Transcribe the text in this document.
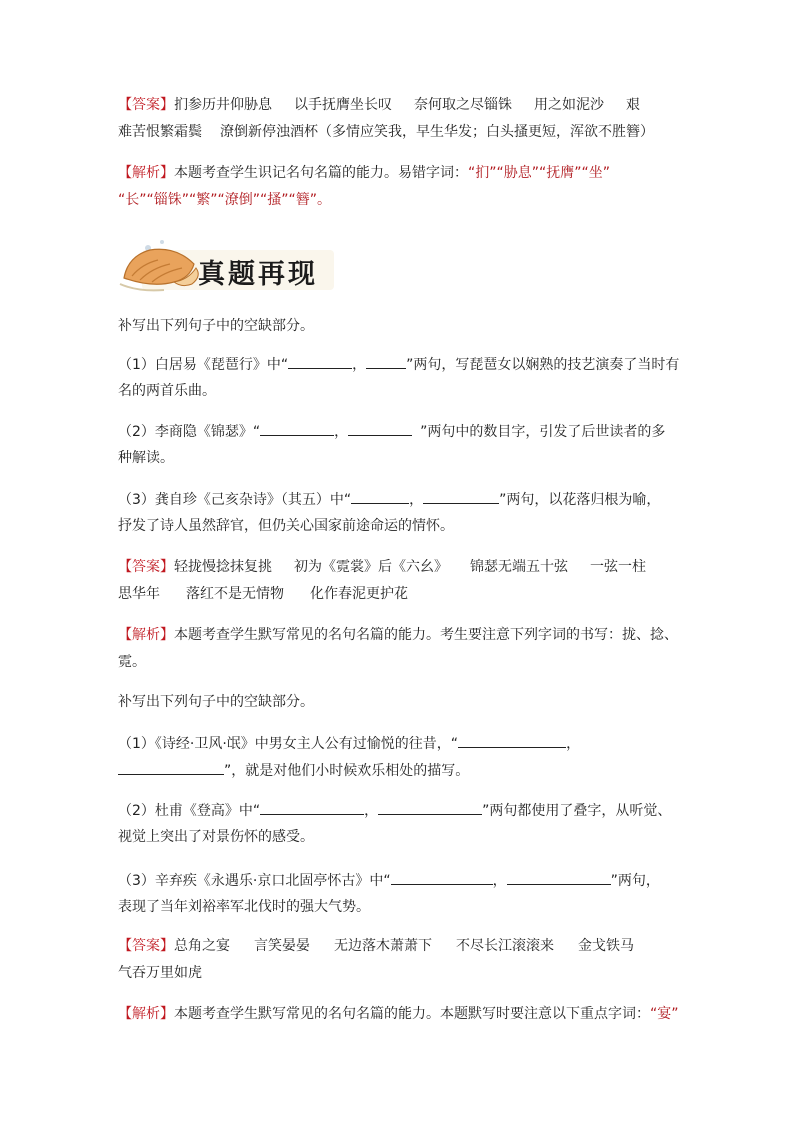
【答案】扪参历井仰胁息 以手抚膺坐长叹 奈何取之尽锱铢 用之如泥沙 艰
难苦恨繁霜鬓 潦倒新停浊酒杯（多情应笑我，早生华发；白头搔更短，浑欲不胜簪）
【解析】本题考查学生识记名句名篇的能力。易错字词：“扪”“胁息”“抚膺”“坐”
“长”“锱铢”“繁”“潦倒”“搔”“簪”。
真题再现
补写出下列句子中的空缺部分。
（1）白居易《琵琶行》中“	，	”两句，写琵琶女以娴熟的技艺演奏了当时有
名的两首乐曲。
（2）李商隐《锦瑟》“	，	”两句中的数目字，引发了后世读者的多
种解读。
（3）龚自珍《己亥杂诗》（其五）中“	，	”两句，以花落归根为喻，
抒发了诗人虽然辞官，但仍关心国家前途命运的情怀。
【答案】轻拢慢捻抹复挑 初为《霓裳》后《六幺》 锦瑟无端五十弦 一弦一柱
思华年 落红不是无情物 化作春泥更护花
【解析】本题考查学生默写常见的名句名篇的能力。考生要注意下列字词的书写：拢、捻、
霓。
补写出下列句子中的空缺部分。
（1）《诗经·卫风·氓》中男女主人公有过愉悦的往昔，“	，
”，就是对他们小时候欢乐相处的描写。
（2）杜甫《登高》中“	，	”两句都使用了叠字，从听觉、
视觉上突出了对景伤怀的感受。
（3）辛弃疾《永遇乐·京口北固亭怀古》中“	，	”两句，
表现了当年刘裕率军北伐时的强大气势。
【答案】总角之宴 言笑晏晏 无边落木萧萧下 不尽长江滚滚来 金戈铁马
气吞万里如虎
【解析】本题考查学生默写常见的名句名篇的能力。本题默写时要注意以下重点字词：“宴”
